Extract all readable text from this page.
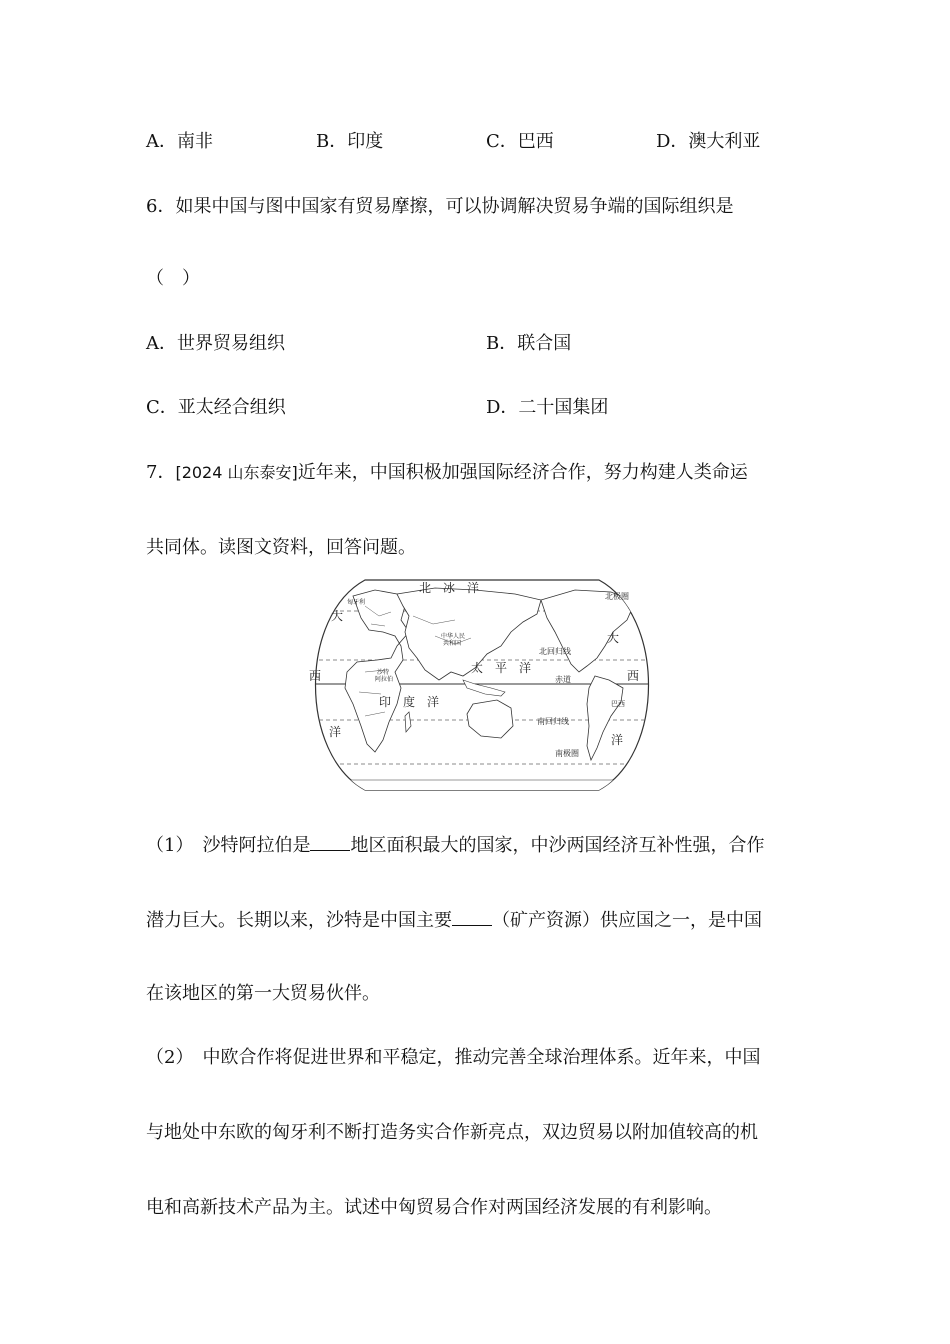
A．南非	B．印度	C．巴西	D．澳大利亚
6．如果中国与图中国家有贸易摩擦，可以协调解决贸易争端的国际组织是
（　）
A．世界贸易组织	B．联合国
C．亚太经合组织	D．二十国集团
7．[2024 山东泰安]近年来，中国积极加强国际经济合作，努力构建人类命运
共同体。读图文资料，回答问题。
北　冰　洋
北极圈
北回归线
太　平　洋
赤道
印　度　洋
南回归线
南极圈
中华人民
共和国
匈牙利
沙特
阿拉伯
巴西
大
西
洋
大
西
洋
（1）　沙特阿拉伯是 地区面积最大的国家，中沙两国经济互补性强，合作
潜力巨大。长期以来，沙特是中国主要 （矿产资源）供应国之一，是中国
在该地区的第一大贸易伙伴。
（2）　中欧合作将促进世界和平稳定，推动完善全球治理体系。近年来，中国
与地处中东欧的匈牙利不断打造务实合作新亮点，双边贸易以附加值较高的机
电和高新技术产品为主。试述中匈贸易合作对两国经济发展的有利影响。
